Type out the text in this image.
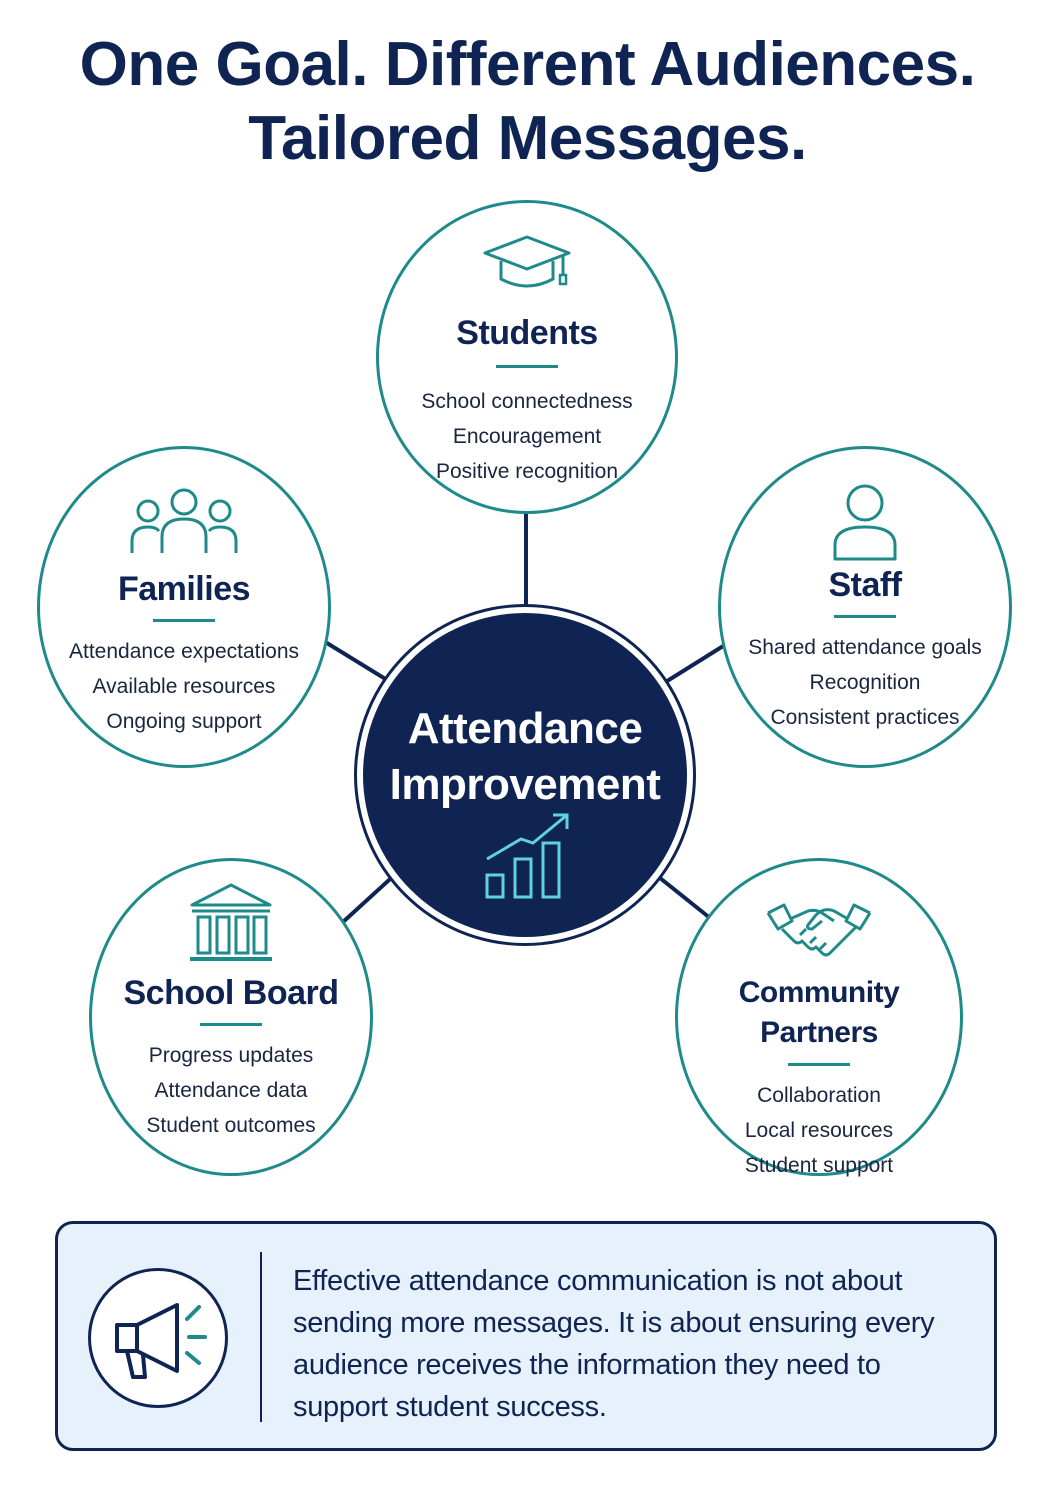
One Goal. Different Audiences.
Tailored Messages.
Students
School connectedness
Encouragement
Positive recognition
Families
Attendance expectations
Available resources
Ongoing support
Staff
Shared attendance goals
Recognition
Consistent practices
School Board
Progress updates
Attendance data
Student outcomes
Community Partners
Collaboration
Local resources
Student support
Attendance
Improvement

Effective attendance communication is not about sending more messages. It is about ensuring every audience receives the information they need to support student success.
